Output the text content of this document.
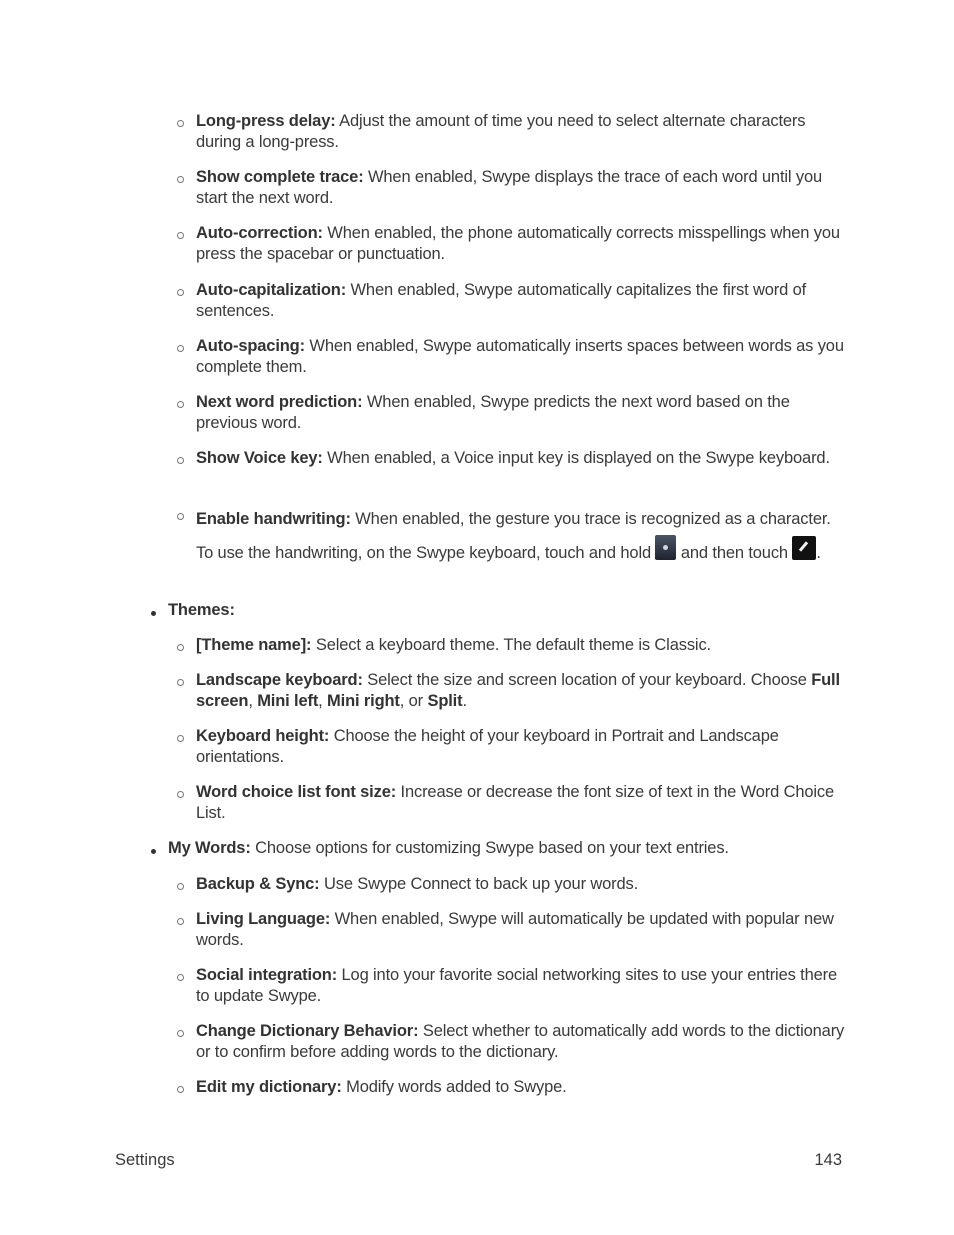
Long-press delay: Adjust the amount of time you need to select alternate characters during a long-press.
Show complete trace: When enabled, Swype displays the trace of each word until you start the next word.
Auto-correction: When enabled, the phone automatically corrects misspellings when you press the spacebar or punctuation.
Auto-capitalization: When enabled, Swype automatically capitalizes the first word of sentences.
Auto-spacing: When enabled, Swype automatically inserts spaces between words as you complete them.
Next word prediction: When enabled, Swype predicts the next word based on the previous word.
Show Voice key: When enabled, a Voice input key is displayed on the Swype keyboard.
Enable handwriting: When enabled, the gesture you trace is recognized as a character. To use the handwriting, on the Swype keyboard, touch and hold  and then touch .
Themes:
[Theme name]: Select a keyboard theme. The default theme is Classic.
Landscape keyboard: Select the size and screen location of your keyboard. Choose Full screen, Mini left, Mini right, or Split.
Keyboard height: Choose the height of your keyboard in Portrait and Landscape orientations.
Word choice list font size: Increase or decrease the font size of text in the Word Choice List.
My Words: Choose options for customizing Swype based on your text entries.
Backup & Sync: Use Swype Connect to back up your words.
Living Language: When enabled, Swype will automatically be updated with popular new words.
Social integration: Log into your favorite social networking sites to use your entries there to update Swype.
Change Dictionary Behavior: Select whether to automatically add words to the dictionary or to confirm before adding words to the dictionary.
Edit my dictionary: Modify words added to Swype.
Settings	143
